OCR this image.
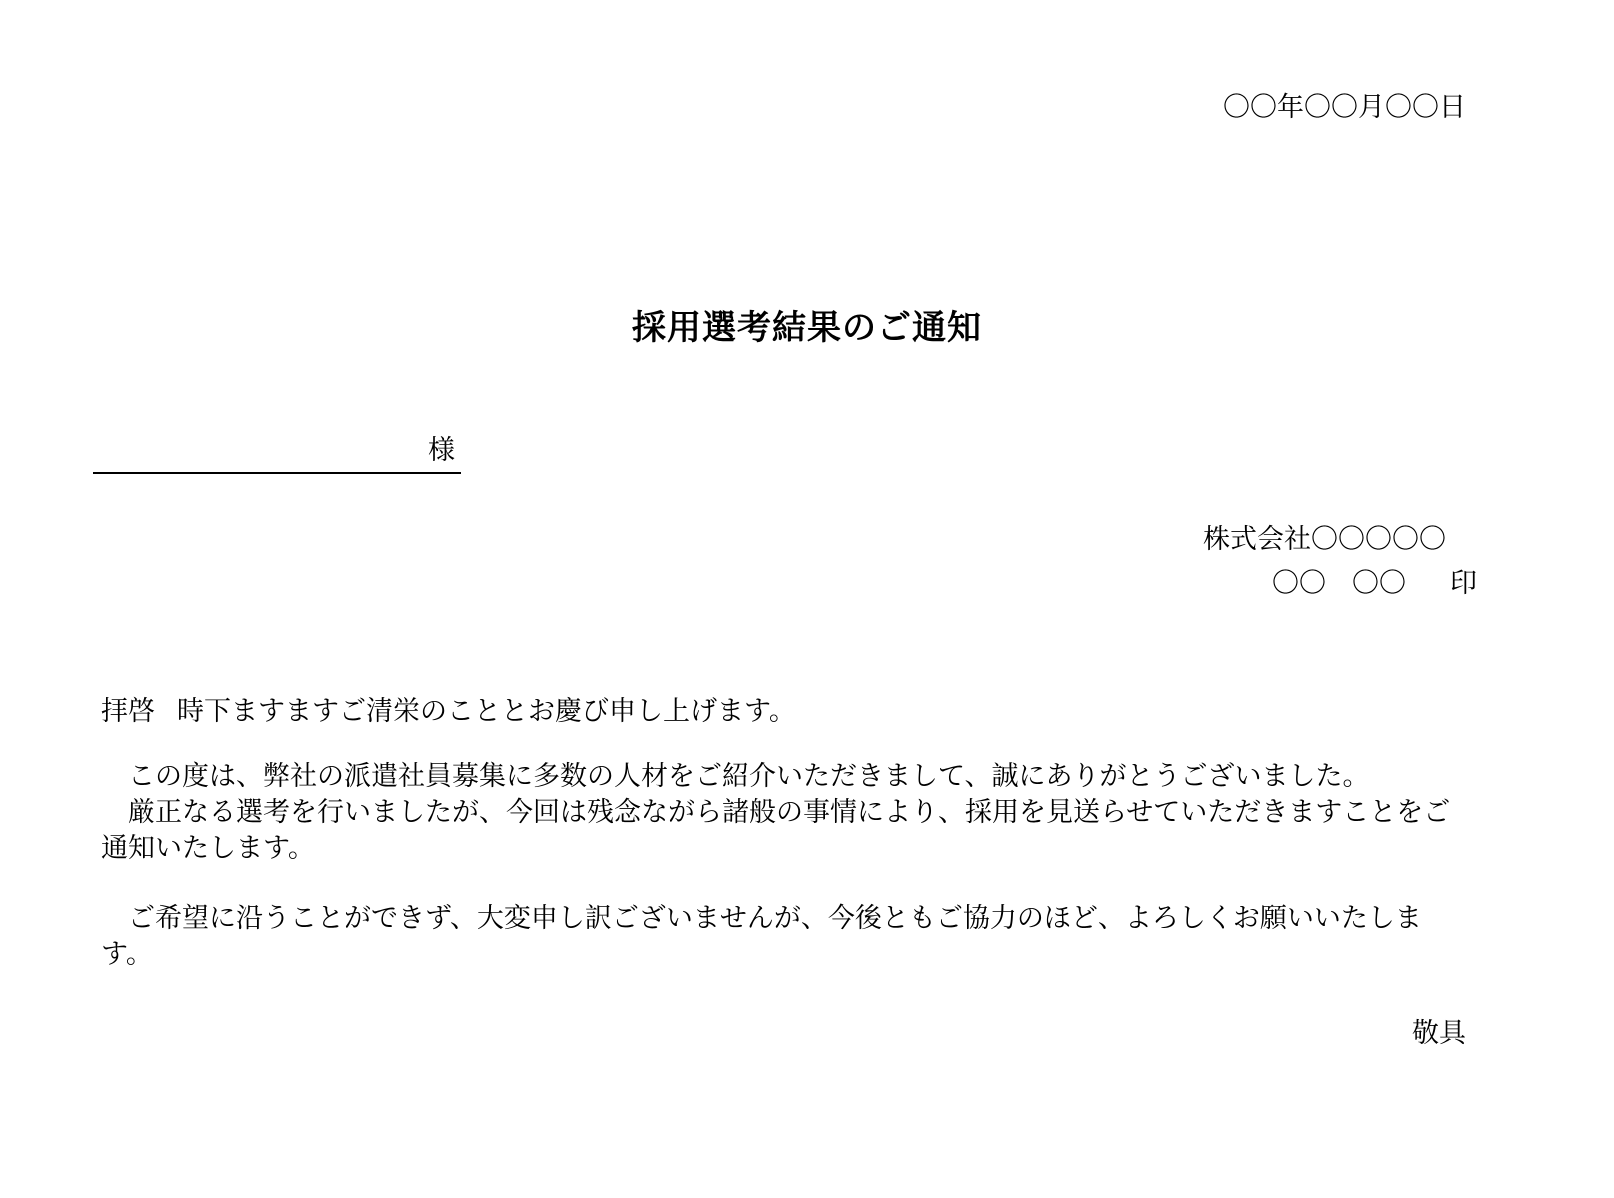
〇〇年〇〇月〇〇日
採用選考結果のご通知
様
株式会社〇〇〇〇〇
〇〇 〇〇 印
拝啓 時下ますますご清栄のこととお慶び申し上げます。
　この度は、弊社の派遣社員募集に多数の人材をご紹介いただきまして、誠にありがとうございました。
　厳正なる選考を行いましたが、今回は残念ながら諸般の事情により、採用を見送らせていただきますことをご通知いたします。
　ご希望に沿うことができず、大変申し訳ございませんが、今後ともご協力のほど、よろしくお願いいたします。
敬具
